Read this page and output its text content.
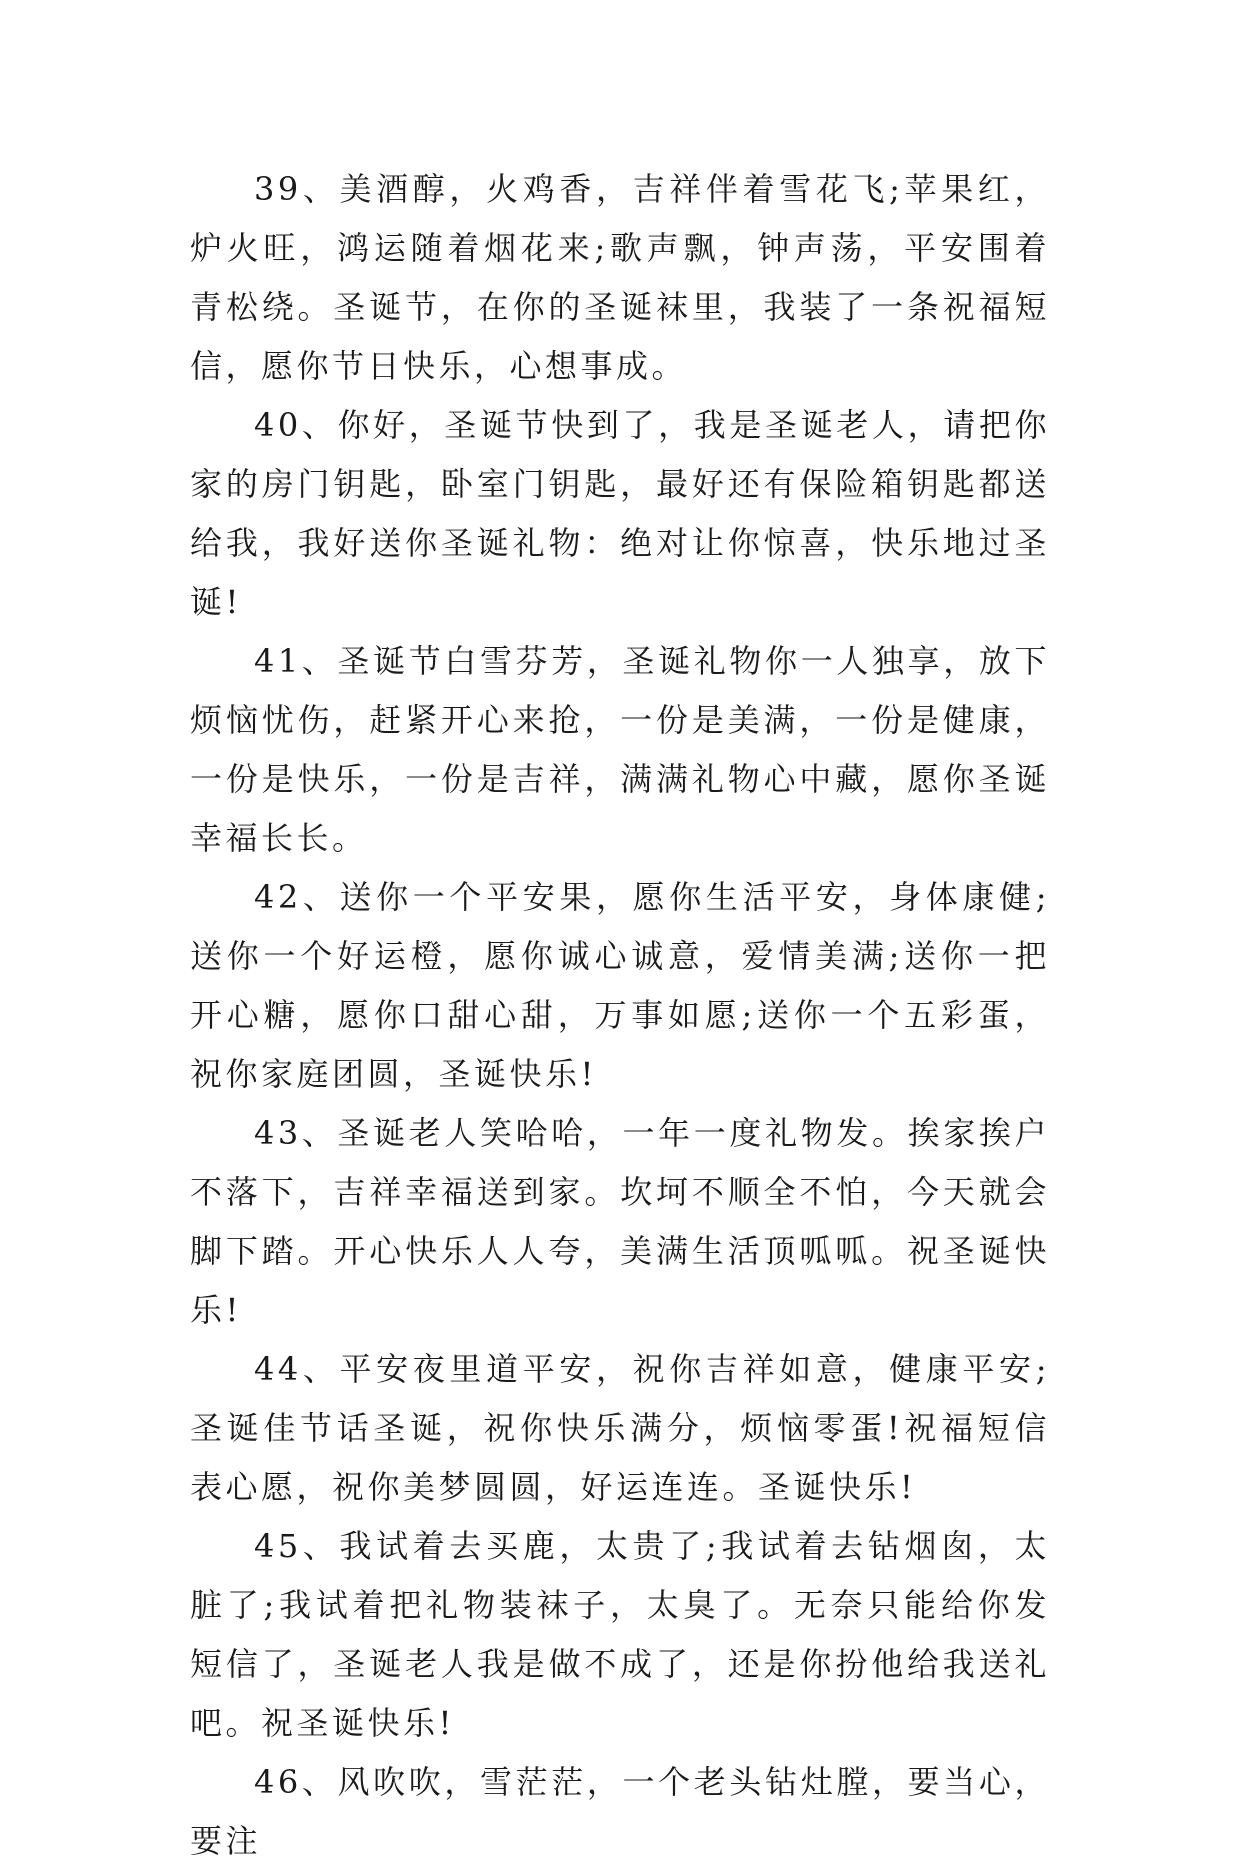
39、美酒醇，火鸡香，吉祥伴着雪花飞;苹果红，炉火旺，鸿运随着烟花来;歌声飘，钟声荡，平安围着青松绕。圣诞节，在你的圣诞袜里，我装了一条祝福短信，愿你节日快乐，心想事成。

40、你好，圣诞节快到了，我是圣诞老人，请把你家的房门钥匙，卧室门钥匙，最好还有保险箱钥匙都送给我，我好送你圣诞礼物：绝对让你惊喜，快乐地过圣诞!

41、圣诞节白雪芬芳，圣诞礼物你一人独享，放下烦恼忧伤，赶紧开心来抢，一份是美满，一份是健康，一份是快乐，一份是吉祥，满满礼物心中藏，愿你圣诞幸福长长。

42、送你一个平安果，愿你生活平安，身体康健;送你一个好运橙，愿你诚心诚意，爱情美满;送你一把开心糖，愿你口甜心甜，万事如愿;送你一个五彩蛋，祝你家庭团圆，圣诞快乐!

43、圣诞老人笑哈哈，一年一度礼物发。挨家挨户不落下，吉祥幸福送到家。坎坷不顺全不怕，今天就会脚下踏。开心快乐人人夸，美满生活顶呱呱。祝圣诞快乐!

44、平安夜里道平安，祝你吉祥如意，健康平安;圣诞佳节话圣诞，祝你快乐满分，烦恼零蛋!祝福短信表心愿，祝你美梦圆圆，好运连连。圣诞快乐!

45、我试着去买鹿，太贵了;我试着去钻烟囱，太脏了;我试着把礼物装袜子，太臭了。无奈只能给你发短信了，圣诞老人我是做不成了，还是你扮他给我送礼吧。祝圣诞快乐!

46、风吹吹，雪茫茫，一个老头钻灶膛，要当心，要注
